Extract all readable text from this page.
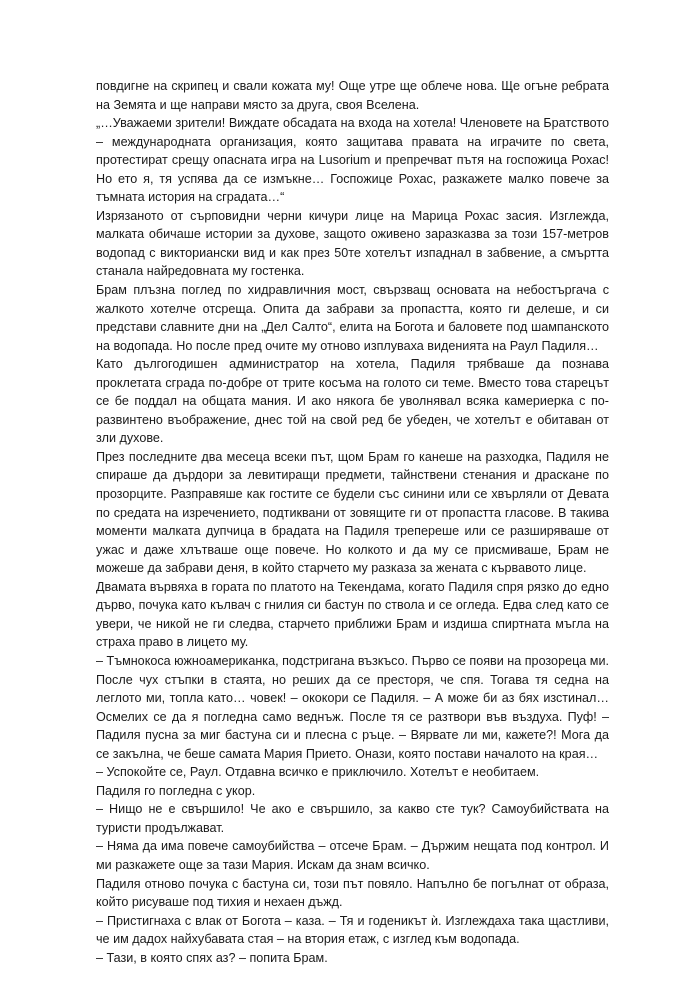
повдигне на скрипец и свали кожата му! Още утре ще облече нова. Ще огъне ребрата на Земята и ще направи място за друга, своя Вселена.

„…Уважаеми зрители! Виждате обсадата на входа на хотела! Членовете на Братството – международната организация, която защитава правата на играчите по света, протестират срещу опасната игра на Lusorium и препречват пътя на госпожица Рохас! Но ето я, тя успява да се измъкне… Госпожице Рохас, разкажете малко повече за тъмната история на сградата…“

Изрязаното от сърповидни черни кичури лице на Марица Рохас засия. Изглежда, малката обичаше истории за духове, защото оживено заразказва за този 157-метров водопад с викториански вид и как през 50те хотелът изпаднал в забвение, а смъртта станала найредовната му гостенка.

Брам плъзна поглед по хидравличния мост, свързващ основата на небостъргача с жалкото хотелче отсреща. Опита да забрави за пропастта, която ги делеше, и си представи славните дни на „Дел Салто“, елита на Богота и баловете под шампанското на водопада. Но после пред очите му отново изплуваха виденията на Раул Падиля…

Като дългогодишен администратор на хотела, Падиля трябваше да познава проклетата сграда по-добре от трите косъма на голото си теме. Вместо това старецът се бе поддал на общата мания. И ако някога бе уволнявал всяка камериерка с по-развинтено въображение, днес той на свой ред бе убеден, че хотелът е обитаван от зли духове.

През последните два месеца всеки път, щом Брам го канеше на разходка, Падиля не спираше да дърдори за левитиращи предмети, тайнствени стенания и драскане по прозорците. Разправяше как гостите се будели със синини или се хвърляли от Девата по средата на изречението, подтиквани от зовящите ги от пропастта гласове. В такива моменти малката дупчица в брадата на Падиля трепереше или се разширяваше от ужас и даже хлътваше още повече. Но колкото и да му се присмиваше, Брам не можеше да забрави деня, в който старчето му разказа за жената с кървавото лице.

Двамата вървяха в гората по платото на Текендама, когато Падиля спря рязко до едно дърво, почука като кълвач с гнилия си бастун по ствола и се огледа. Едва след като се увери, че никой не ги следва, старчето приближи Брам и издиша спиртната мъгла на страха право в лицето му.

– Тъмнокоса южноамериканка, подстригана възкъсо. Първо се появи на прозореца ми. После чух стъпки в стаята, но реших да се престоря, че спя. Тогава тя седна на леглото ми, топла като… човек! – ококори се Падиля. – А може би аз бях изстинал… Осмелих се да я погледна само веднъж. После тя се разтвори във въздуха. Пуф! – Падиля пусна за миг бастуна си и плесна с ръце. – Вярвате ли ми, кажете?! Мога да се закълна, че беше самата Мария Прието. Онази, която постави началото на края…

– Успокойте се, Раул. Отдавна всичко е приключило. Хотелът е необитаем.

Падиля го погледна с укор.

– Нищо не е свършило! Че ако е свършило, за какво сте тук? Самоубийствата на туристи продължават.

– Няма да има повече самоубийства – отсече Брам. – Държим нещата под контрол. И ми разкажете още за тази Мария. Искам да знам всичко.

Падиля отново почука с бастуна си, този път повяло. Напълно бе погълнат от образа, който рисуваше под тихия и нехаен дъжд.

– Пристигнаха с влак от Богота – каза. – Тя и годеникът ѝ. Изглеждаха така щастливи, че им дадох найхубавата стая – на втория етаж, с изглед към водопада.

– Тази, в която спях аз? – попита Брам.
